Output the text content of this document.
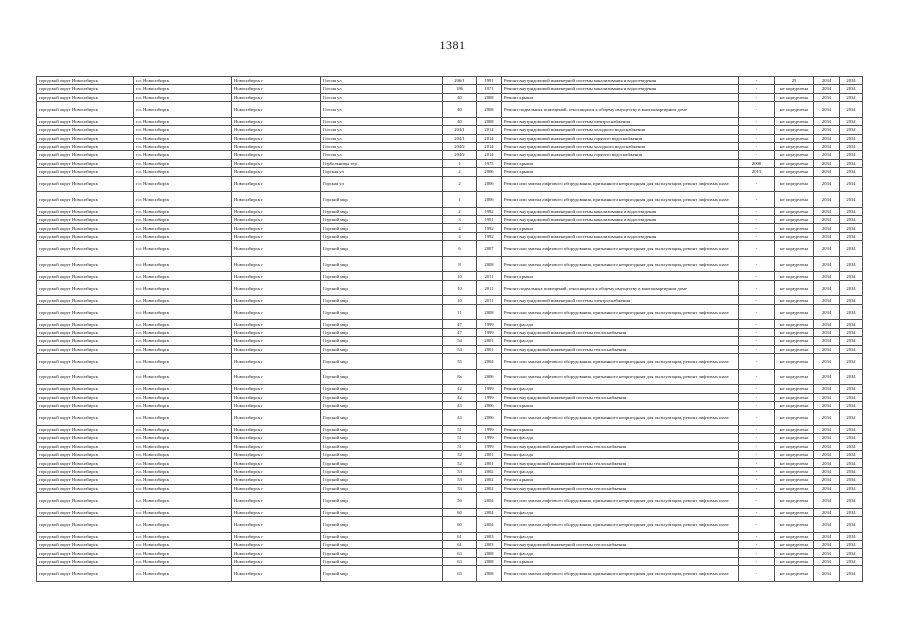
1381
городской округ Новосибирск	г.о. Новосибирск	Новосибирск г	Гоголя ул	206/1	1991	Ремонт внутридомовой инженерной системы канализования и водоотведения	-	25	2034	2034
городской округ Новосибирск	г.о. Новосибирск	Новосибирск г	Гоголя ул	186	1971	Ремонт внутридомовой инженерной системы канализования и водоотведения	-	не определена	2034	2034
городской округ Новосибирск	г.о. Новосибирск	Новосибирск г	Гоголя ул	40	2008	Ремонт крыши	-	не определена	2034	2034
городской округ Новосибирск	г.о. Новосибирск	Новосибирск г	Гоголя ул	40	2008	Ремонт подвальных помещений, относящихся к общему имуществу в многоквартирном доме	-	не определена	2034	2034
городской округ Новосибирск	г.о. Новосибирск	Новосибирск г	Гоголя ул	40	2008	Ремонт внутридомовой инженерной системы электроснабжения	-	не определена	2034	2034
городской округ Новосибирск	г.о. Новосибирск	Новосибирск г	Гоголя ул	204/1	2014	Ремонт внутридомовой инженерной системы холодного водоснабжения	-	не определена	2034	2034
городской округ Новосибирск	г.о. Новосибирск	Новосибирск г	Гоголя ул	204/1	2014	Ремонт внутридомовой инженерной системы горячего водоснабжения	-	не определена	2034	2034
городской округ Новосибирск	г.о. Новосибирск	Новосибирск г	Гоголя ул	204/2	2014	Ремонт внутридомовой инженерной системы холодного водоснабжения	-	не определена	2034	2034
городской округ Новосибирск	г.о. Новосибирск	Новосибирск г	Гоголя ул	204/2	2014	Ремонт внутридомовой инженерной системы горячего водоснабжения	-	не определена	2034	2034
городской округ Новосибирск	г.о. Новосибирск	Новосибирск г	Горбольницы тер	1	1975	Ремонт крыши	2008	не определена	2034	2034
городской округ Новосибирск	г.о. Новосибирск	Новосибирск г	Горская ул	2	2006	Ремонт крыши	2013	не определена	2034	2034
городской округ Новосибирск	г.о. Новосибирск	Новосибирск г	Горская ул	2	2006	Ремонт или замена лифтового оборудования, признанного непригодным для эксплуатации, ремонт лифтовых шахт	-	не определена	2034	2034
городской округ Новосибирск	г.о. Новосибирск	Новосибирск г	Горский мкр	1	2006	Ремонт или замена лифтового оборудования, признанного непригодным для эксплуатации, ремонт лифтовых шахт	-	не определена	2034	2034
городской округ Новосибирск	г.о. Новосибирск	Новосибирск г	Горский мкр	2	1992	Ремонт внутридомовой инженерной системы канализования и водоотведения	-	не определена	2034	2034
городской округ Новосибирск	г.о. Новосибирск	Новосибирск г	Горский мкр	3	1991	Ремонт внутридомовой инженерной системы канализования и водоотведения	-	не определена	2034	2034
городской округ Новосибирск	г.о. Новосибирск	Новосибирск г	Горский мкр	4	1992	Ремонт крыши	-	не определена	2034	2034
городской округ Новосибирск	г.о. Новосибирск	Новосибирск г	Горский мкр	4	1992	Ремонт внутридомовой инженерной системы канализования и водоотведения	-	не определена	2034	2034
городской округ Новосибирск	г.о. Новосибирск	Новосибирск г	Горский мкр	6	2007	Ремонт или замена лифтового оборудования, признанного непригодным для эксплуатации, ремонт лифтовых шахт	-	не определена	2034	2034
городской округ Новосибирск	г.о. Новосибирск	Новосибирск г	Горский мкр	8	2008	Ремонт или замена лифтового оборудования, признанного непригодным для эксплуатации, ремонт лифтовых шахт	-	не определена	2034	2034
городской округ Новосибирск	г.о. Новосибирск	Новосибирск г	Горский мкр	10	2011	Ремонт крыши	-	не определена	2034	2034
городской округ Новосибирск	г.о. Новосибирск	Новосибирск г	Горский мкр	10	2011	Ремонт подвальных помещений, относящихся к общему имуществу в многоквартирном доме	-	не определена	2034	2034
городской округ Новосибирск	г.о. Новосибирск	Новосибирск г	Горский мкр	10	2011	Ремонт внутридомовой инженерной системы электроснабжения	-	не определена	2034	2034
городской округ Новосибирск	г.о. Новосибирск	Новосибирск г	Горский мкр	11	2008	Ремонт или замена лифтового оборудования, признанного непригодным для эксплуатации, ремонт лифтовых шахт	-	не определена	2034	2034
городской округ Новосибирск	г.о. Новосибирск	Новосибирск г	Горский мкр	47	1999	Ремонт фасада	-	не определена	2034	2034
городской округ Новосибирск	г.о. Новосибирск	Новосибирск г	Горский мкр	47	1999	Ремонт внутридомовой инженерной системы теплоснабжения	-	не определена	2034	2034
городской округ Новосибирск	г.о. Новосибирск	Новосибирск г	Горский мкр	54	2001	Ремонт фасада	-	не определена	2034	2034
городской округ Новосибирск	г.о. Новосибирск	Новосибирск г	Горский мкр	54	2001	Ремонт внутридомовой инженерной системы теплоснабжения	-	не определена	2034	2034
городской округ Новосибирск	г.о. Новосибирск	Новосибирск г	Горский мкр	55	2004	Ремонт или замена лифтового оборудования, признанного непригодным для эксплуатации, ремонт лифтовых шахт	-	не определена	2034	2034
городской округ Новосибирск	г.о. Новосибирск	Новосибирск г	Горский мкр	8а	2006	Ремонт или замена лифтового оборудования, признанного непригодным для эксплуатации, ремонт лифтовых шахт	-	не определена	2034	2034
городской округ Новосибирск	г.о. Новосибирск	Новосибирск г	Горский мкр	42	1999	Ремонт фасада	-	не определена	2034	2034
городской округ Новосибирск	г.о. Новосибирск	Новосибирск г	Горский мкр	42	1999	Ремонт внутридомовой инженерной системы теплоснабжения	-	не определена	2034	2034
городской округ Новосибирск	г.о. Новосибирск	Новосибирск г	Горский мкр	43	2006	Ремонт крыши	-	не определена	2034	2034
городской округ Новосибирск	г.о. Новосибирск	Новосибирск г	Горский мкр	43	2006	Ремонт или замена лифтового оборудования, признанного непригодным для эксплуатации, ремонт лифтовых шахт	-	не определена	2034	2034
городской округ Новосибирск	г.о. Новосибирск	Новосибирск г	Горский мкр	51	1999	Ремонт крыши	-	не определена	2034	2034
городской округ Новосибирск	г.о. Новосибирск	Новосибирск г	Горский мкр	51	1999	Ремонт фасада	-	не определена	2034	2034
городской округ Новосибирск	г.о. Новосибирск	Новосибирск г	Горский мкр	51	1999	Ремонт внутридомовой инженерной системы теплоснабжения	-	не определена	2034	2034
городской округ Новосибирск	г.о. Новосибирск	Новосибирск г	Горский мкр	52	2001	Ремонт фасада	-	не определена	2034	2034
городской округ Новосибирск	г.о. Новосибирск	Новосибирск г	Горский мкр	52	2001	Ремонт внутридомовой инженерной системы теплоснабжения	-	не определена	2034	2034
городской округ Новосибирск	г.о. Новосибирск	Новосибирск г	Горский мкр	53	2002	Ремонт фасада	-	не определена	2034	2034
городской округ Новосибирск	г.о. Новосибирск	Новосибирск г	Горский мкр	53	2002	Ремонт крыши	-	не определена	2034	2034
городской округ Новосибирск	г.о. Новосибирск	Новосибирск г	Горский мкр	53	2002	Ремонт внутридомовой инженерной системы теплоснабжения	-	не определена	2034	2034
городской округ Новосибирск	г.о. Новосибирск	Новосибирск г	Горский мкр	56	2004	Ремонт или замена лифтового оборудования, признанного непригодным для эксплуатации, ремонт лифтовых шахт	-	не определена	2034	2034
городской округ Новосибирск	г.о. Новосибирск	Новосибирск г	Горский мкр	60	2004	Ремонт фасада	-	не определена	2034	2034
городской округ Новосибирск	г.о. Новосибирск	Новосибирск г	Горский мкр	60	2004	Ремонт или замена лифтового оборудования, признанного непригодным для эксплуатации, ремонт лифтовых шахт	-	не определена	2034	2034
городской округ Новосибирск	г.о. Новосибирск	Новосибирск г	Горский мкр	61	2003	Ремонт фасада	-	не определена	2034	2034
городской округ Новосибирск	г.о. Новосибирск	Новосибирск г	Горский мкр	61	2003	Ремонт внутридомовой инженерной системы теплоснабжения	-	не определена	2034	2034
городской округ Новосибирск	г.о. Новосибирск	Новосибирск г	Горский мкр	63	2008	Ремонт фасада	-	не определена	2034	2034
городской округ Новосибирск	г.о. Новосибирск	Новосибирск г	Горский мкр	63	2008	Ремонт крыши	-	не определена	2034	2034
городской округ Новосибирск	г.о. Новосибирск	Новосибирск г	Горский мкр	63	2008	Ремонт или замена лифтового оборудования, признанного непригодным для эксплуатации, ремонт лифтовых шахт	-	не определена	2034	2034
